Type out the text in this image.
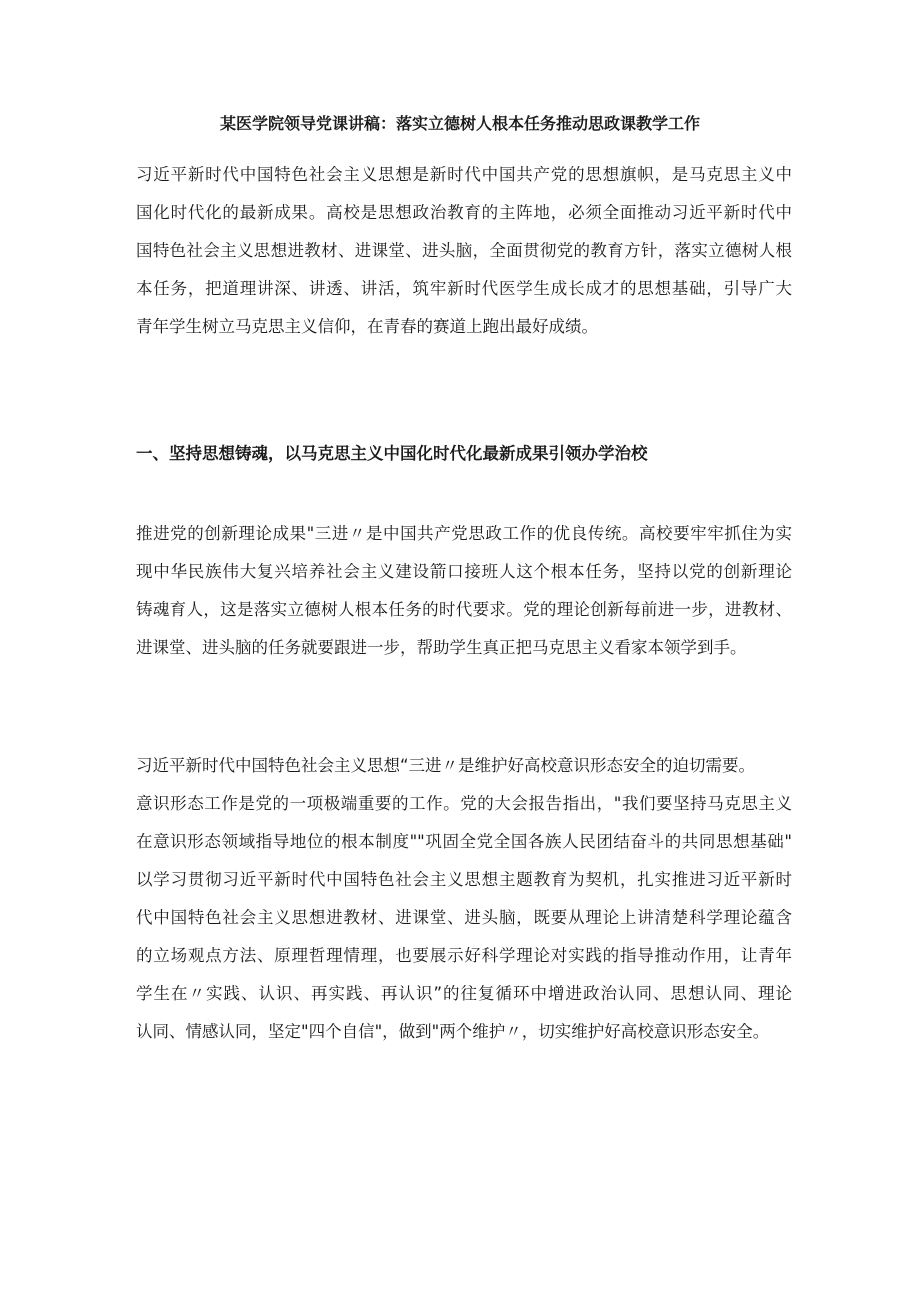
某医学院领导党课讲稿：落实立德树人根本任务推动思政课教学工作
习近平新时代中国特色社会主义思想是新时代中国共产党的思想旗帜，是马克思主义中
国化时代化的最新成果。高校是思想政治教育的主阵地，必须全面推动习近平新时代中
国特色社会主义思想进教材、进课堂、进头脑，全面贯彻党的教育方针，落实立德树人根
本任务，把道理讲深、讲透、讲活，筑牢新时代医学生成长成才的思想基础，引导广大
青年学生树立马克思主义信仰，在青春的赛道上跑出最好成绩。
一、坚持思想铸魂，以马克思主义中国化时代化最新成果引领办学治校
推进党的创新理论成果"三进〃是中国共产党思政工作的优良传统。高校要牢牢抓住为实
现中华民族伟大复兴培养社会主义建设箭口接班人这个根本任务，坚持以党的创新理论
铸魂育人，这是落实立德树人根本任务的时代要求。党的理论创新每前进一步，进教材、
进课堂、进头脑的任务就要跟进一步，帮助学生真正把马克思主义看家本领学到手。
习近平新时代中国特色社会主义思想“三进〃是维护好高校意识形态安全的迫切需要。
意识形态工作是党的一项极端重要的工作。党的大会报告指出，"我们要坚持马克思主义
在意识形态领域指导地位的根本制度""巩固全党全国各族人民团结奋斗的共同思想基础"
以学习贯彻习近平新时代中国特色社会主义思想主题教育为契机，扎实推进习近平新时
代中国特色社会主义思想进教材、进课堂、进头脑，既要从理论上讲清楚科学理论蕴含
的立场观点方法、原理哲理情理，也要展示好科学理论对实践的指导推动作用，让青年
学生在〃实践、认识、再实践、再认识”的往复循环中增进政治认同、思想认同、理论
认同、情感认同，坚定"四个自信"，做到"两个维护〃，切实维护好高校意识形态安全。
